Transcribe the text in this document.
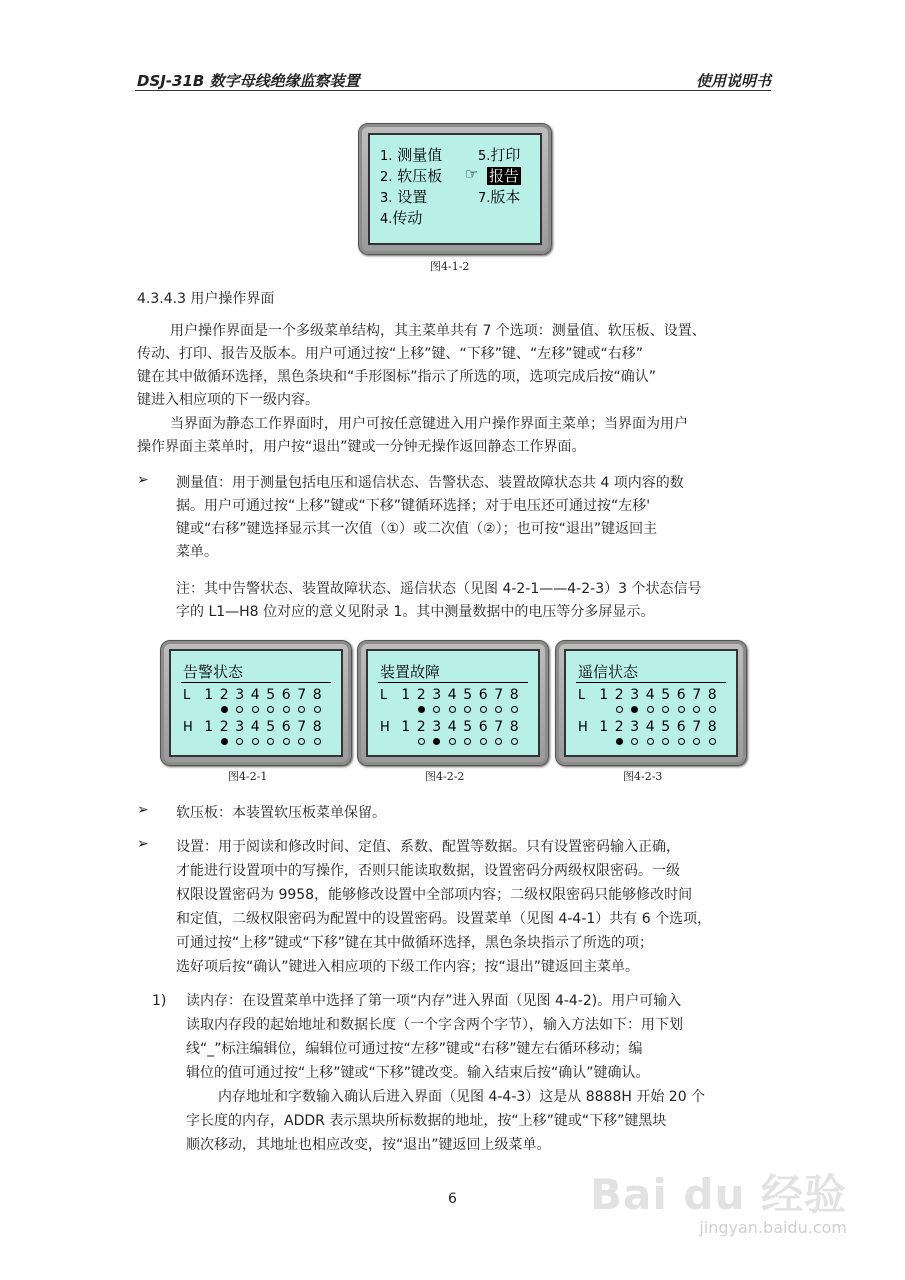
DSJ-31B 数字母线绝缘监察装置	使用说明书
1. 测量值
2. 软压板
3. 设置
4.传动
5.打印
☞ 报告
7.版本
图4-1-2
4.3.4.3 用户操作界面
用户操作界面是一个多级菜单结构，其主菜单共有 7 个选项：测量值、软压板、设置、
传动、打印、报告及版本。用户可通过按“上移”键、“下移”键、“左移”键或“右移”
键在其中做循环选择，黑色条块和“手形图标”指示了所选的项，选项完成后按“确认”
键进入相应项的下一级内容。
当界面为静态工作界面时，用户可按任意键进入用户操作界面主菜单；当界面为用户
操作界面主菜单时，用户按“退出”键或一分钟无操作返回静态工作界面。
➢ 测量值：用于测量包括电压和遥信状态、告警状态、装置故障状态共 4 项内容的数
据。用户可通过按“上移”键或“下移”键循环选择；对于电压还可通过按“左移'
键或“右移”键选择显示其一次值（①）或二次值（②）；也可按“退出”键返回主
菜单。
注：其中告警状态、装置故障状态、遥信状态（见图 4-2-1——4-2-3）3 个状态信号
字的 L1—H8 位对应的意义见附录 1。其中测量数据中的电压等分多屏显示。
告警状态
L 1 2 3 4 5 6 7 8
H 1 2 3 4 5 6 7 8
图4-2-1
装置故障
L 1 2 3 4 5 6 7 8
H 1 2 3 4 5 6 7 8
图4-2-2
遥信状态
L 1 2 3 4 5 6 7 8
H 1 2 3 4 5 6 7 8
图4-2-3
➢ 软压板：本装置软压板菜单保留。
➢ 设置：用于阅读和修改时间、定值、系数、配置等数据。只有设置密码输入正确，
才能进行设置项中的写操作，否则只能读取数据，设置密码分两级权限密码。一级
权限设置密码为 9958，能够修改设置中全部项内容；二级权限密码只能够修改时间
和定值，二级权限密码为配置中的设置密码。设置菜单（见图 4-4-1）共有 6 个选项，
可通过按“上移”键或“下移”键在其中做循环选择，黑色条块指示了所选的项；
选好项后按“确认”键进入相应项的下级工作内容；按“退出”键返回主菜单。
1) 读内存：在设置菜单中选择了第一项“内存”进入界面（见图 4-4-2)。用户可输入
读取内存段的起始地址和数据长度（一个字含两个字节），输入方法如下：用下划
线“_”标注编辑位，编辑位可通过按“左移”键或“右移”键左右循环移动；编
辑位的值可通过按“上移”键或“下移”键改变。输入结束后按“确认”键确认。
内存地址和字数输入确认后进入界面（见图 4-4-3）这是从 8888H 开始 20 个
字长度的内存，ADDR 表示黑块所标数据的地址，按“上移”键或“下移”键黑块
顺次移动，其地址也相应改变，按“退出”键返回上级菜单。
6	Bai du 经验
jingyan.baidu.com
